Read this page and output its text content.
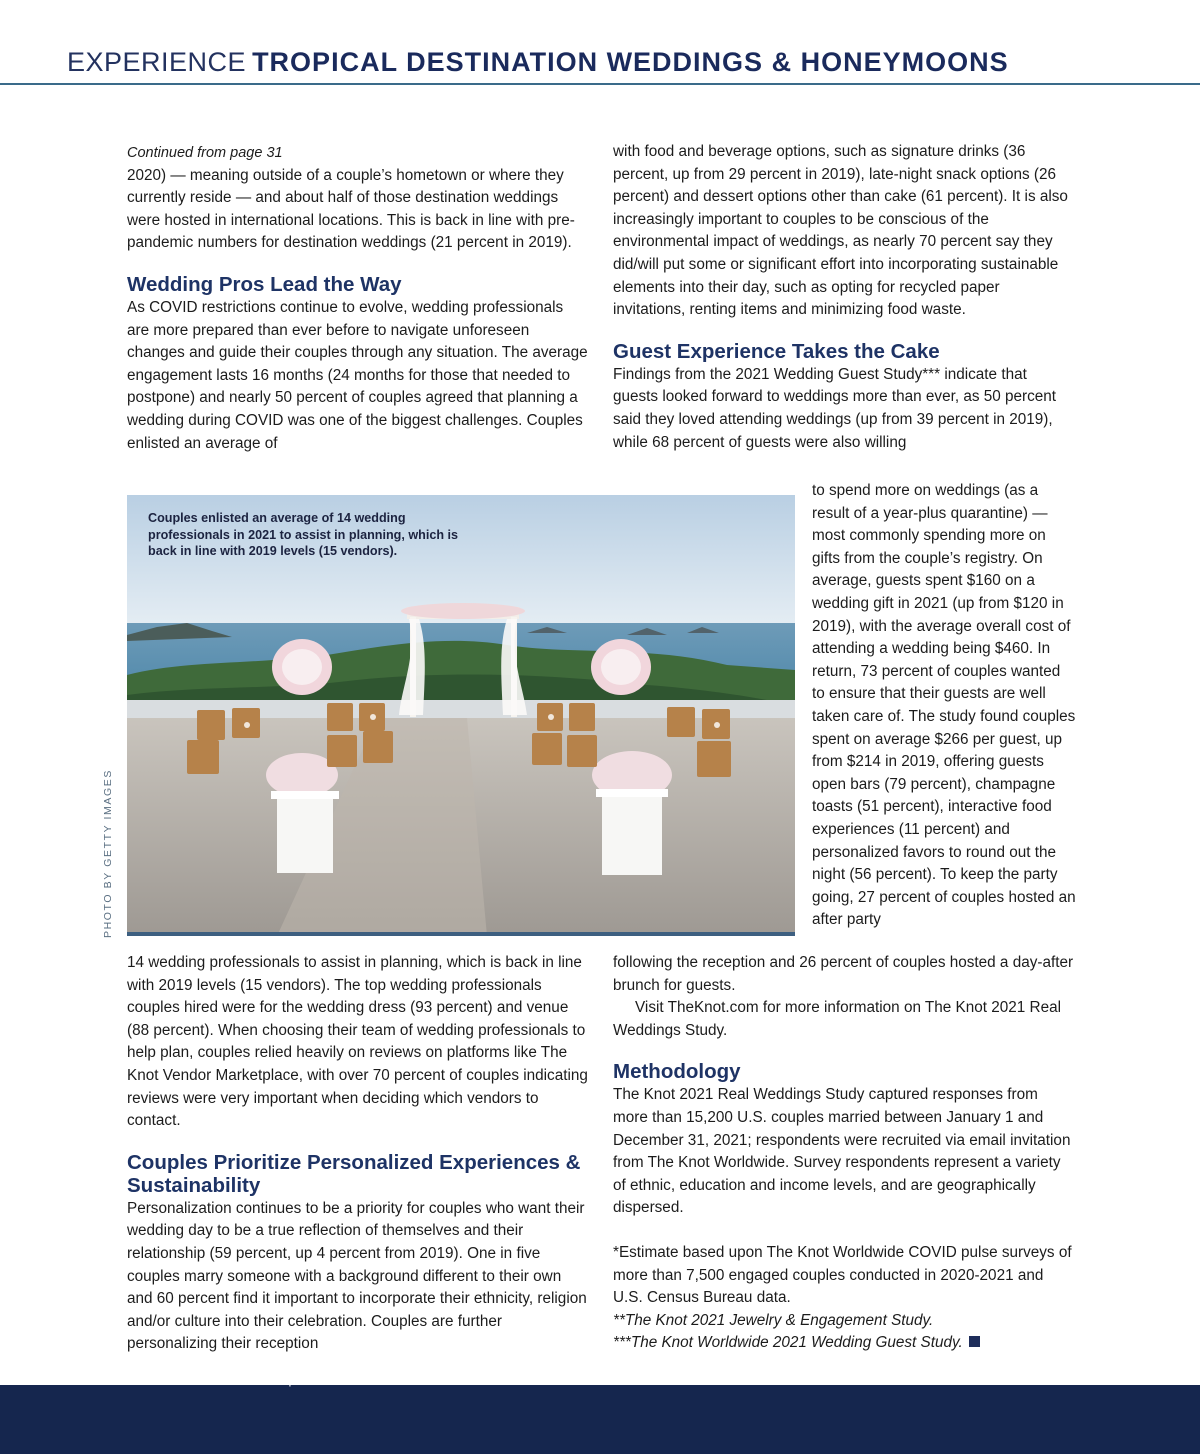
EXPERIENCE TROPICAL DESTINATION WEDDINGS & HONEYMOONS

Continued from page 31

2020) — meaning outside of a couple’s hometown or where they currently reside — and about half of those destination weddings were hosted in international locations. This is back in line with pre-pandemic numbers for destination weddings (21 percent in 2019).

Wedding Pros Lead the Way

As COVID restrictions continue to evolve, wedding professionals are more prepared than ever before to navigate unforeseen changes and guide their couples through any situation. The average engagement lasts 16 months (24 months for those that needed to postpone) and nearly 50 percent of couples agreed that planning a wedding during COVID was one of the biggest challenges. Couples enlisted an average of

with food and beverage options, such as signature drinks (36 percent, up from 29 percent in 2019), late-night snack options (26 percent) and dessert options other than cake (61 percent). It is also increasingly important to couples to be conscious of the environmental impact of weddings, as nearly 70 percent say they did/will put some or significant effort into incorporating sustainable elements into their day, such as opting for recycled paper invitations, renting items and minimizing food waste.

Guest Experience Takes the Cake

Findings from the 2021 Wedding Guest Study*** indicate that guests looked forward to weddings more than ever, as 50 percent said they loved attending weddings (up from 39 percent in 2019), while 68 percent of guests were also willing

to spend more on weddings (as a result of a year-plus quarantine) — most commonly spending more on gifts from the couple’s registry. On average, guests spent $160 on a wedding gift in 2021 (up from $120 in 2019), with the average overall cost of attending a wedding being $460. In return, 73 percent of couples wanted to ensure that their guests are well taken care of. The study found couples spent on average $266 per guest, up from $214 in 2019, offering guests open bars (79 percent), champagne toasts (51 percent), interactive food experiences (11 percent) and personalized favors to round out the night (56 percent). To keep the party going, 27 percent of couples hosted an after party

Couples enlisted an average of 14 wedding professionals in 2021 to assist in planning, which is back in line with 2019 levels (15 vendors).
PHOTO BY GETTY IMAGES

14 wedding professionals to assist in planning, which is back in line with 2019 levels (15 vendors). The top wedding professionals couples hired were for the wedding dress (93 percent) and venue (88 percent). When choosing their team of wedding professionals to help plan, couples relied heavily on reviews on platforms like The Knot Vendor Marketplace, with over 70 percent of couples indicating reviews were very important when deciding which vendors to contact.

Couples Prioritize Personalized Experiences & Sustainability

Personalization continues to be a priority for couples who want their wedding day to be a true reflection of themselves and their relationship (59 percent, up 4 percent from 2019). One in five couples marry someone with a background different to their own and 60 percent find it important to incorporate their ethnicity, religion and/or culture into their celebration. Couples are further personalizing their reception

following the reception and 26 percent of couples hosted a day-after brunch for guests.

Visit TheKnot.com for more information on The Knot 2021 Real Weddings Study.

Methodology

The Knot 2021 Real Weddings Study captured responses from more than 15,200 U.S. couples married between January 1 and December 31, 2021; respondents were recruited via email invitation from The Knot Worldwide. Survey respondents represent a variety of ethnic, education and income levels, and are geographically dispersed.

*Estimate based upon The Knot Worldwide COVID pulse surveys of more than 7,500 engaged couples conducted in 2020-2021 and U.S. Census Bureau data.

**The Knot 2021 Jewelry & Engagement Study.

***The Knot Worldwide 2021 Wedding Guest Study.

36 LUXURY TRAVEL ADVISOR  |  MAY 2022
